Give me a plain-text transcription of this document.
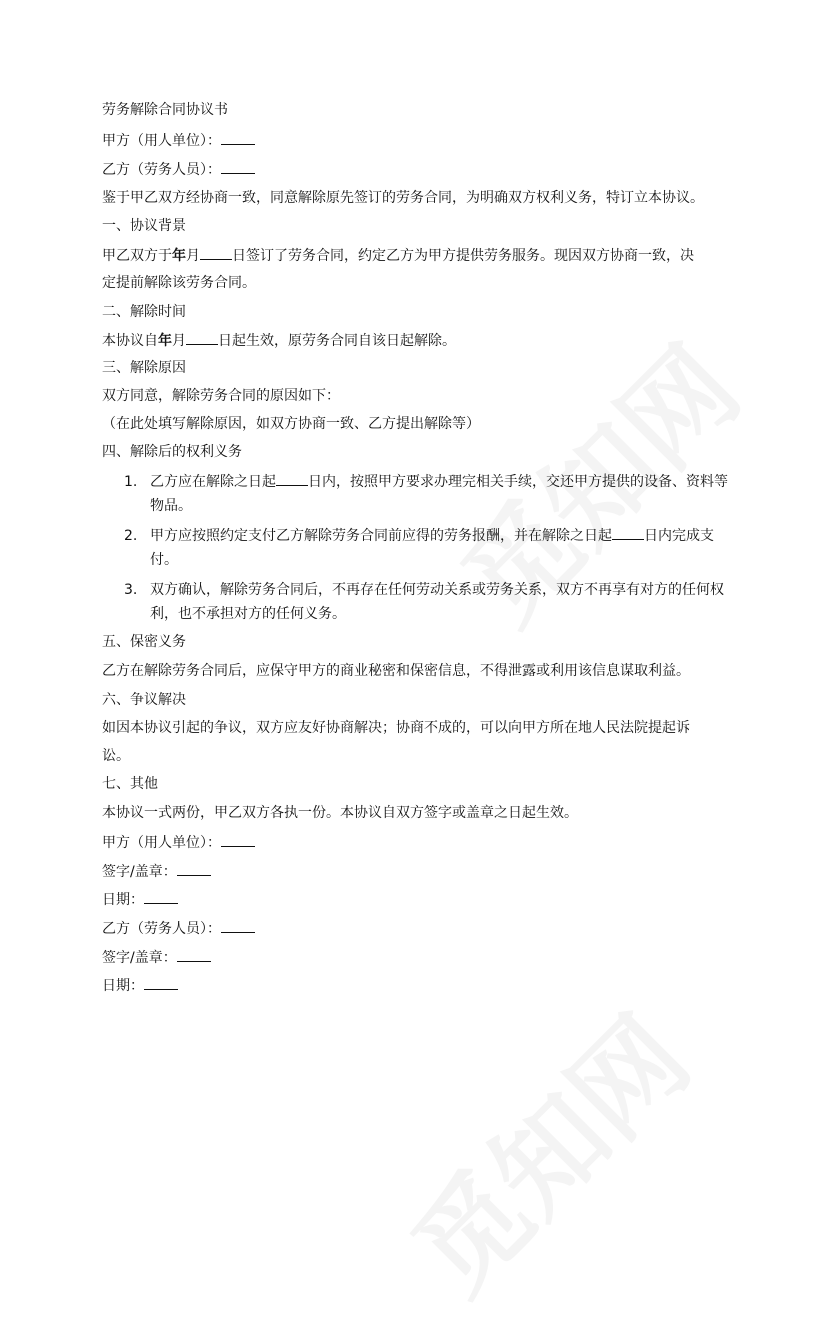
劳务解除合同协议书
甲方（用人单位）：
乙方（劳务人员）：
鉴于甲乙双方经协商一致，同意解除原先签订的劳务合同，为明确双方权利义务，特订立本协议。
一、协议背景
甲乙双方于年月 日签订了劳务合同，约定乙方为甲方提供劳务服务。现因双方协商一致，决
定提前解除该劳务合同。
二、解除时间
本协议自年月 日起生效，原劳务合同自该日起解除。
三、解除原因
双方同意，解除劳务合同的原因如下：
（在此处填写解除原因，如双方协商一致、乙方提出解除等）
四、解除后的权利义务
1. 乙方应在解除之日起 日内，按照甲方要求办理完相关手续，交还甲方提供的设备、资料等物品。
2. 甲方应按照约定支付乙方解除劳务合同前应得的劳务报酬，并在解除之日起 日内完成支付。
3. 双方确认，解除劳务合同后，不再存在任何劳动关系或劳务关系，双方不再享有对方的任何权利，也不承担对方的任何义务。
五、保密义务
乙方在解除劳务合同后，应保守甲方的商业秘密和保密信息，不得泄露或利用该信息谋取利益。
六、争议解决
如因本协议引起的争议，双方应友好协商解决；协商不成的，可以向甲方所在地人民法院提起诉
讼。
七、其他
本协议一式两份，甲乙双方各执一份。本协议自双方签字或盖章之日起生效。
甲方（用人单位）：
签字/盖章：
日期：
乙方（劳务人员）：
签字/盖章：
日期：
